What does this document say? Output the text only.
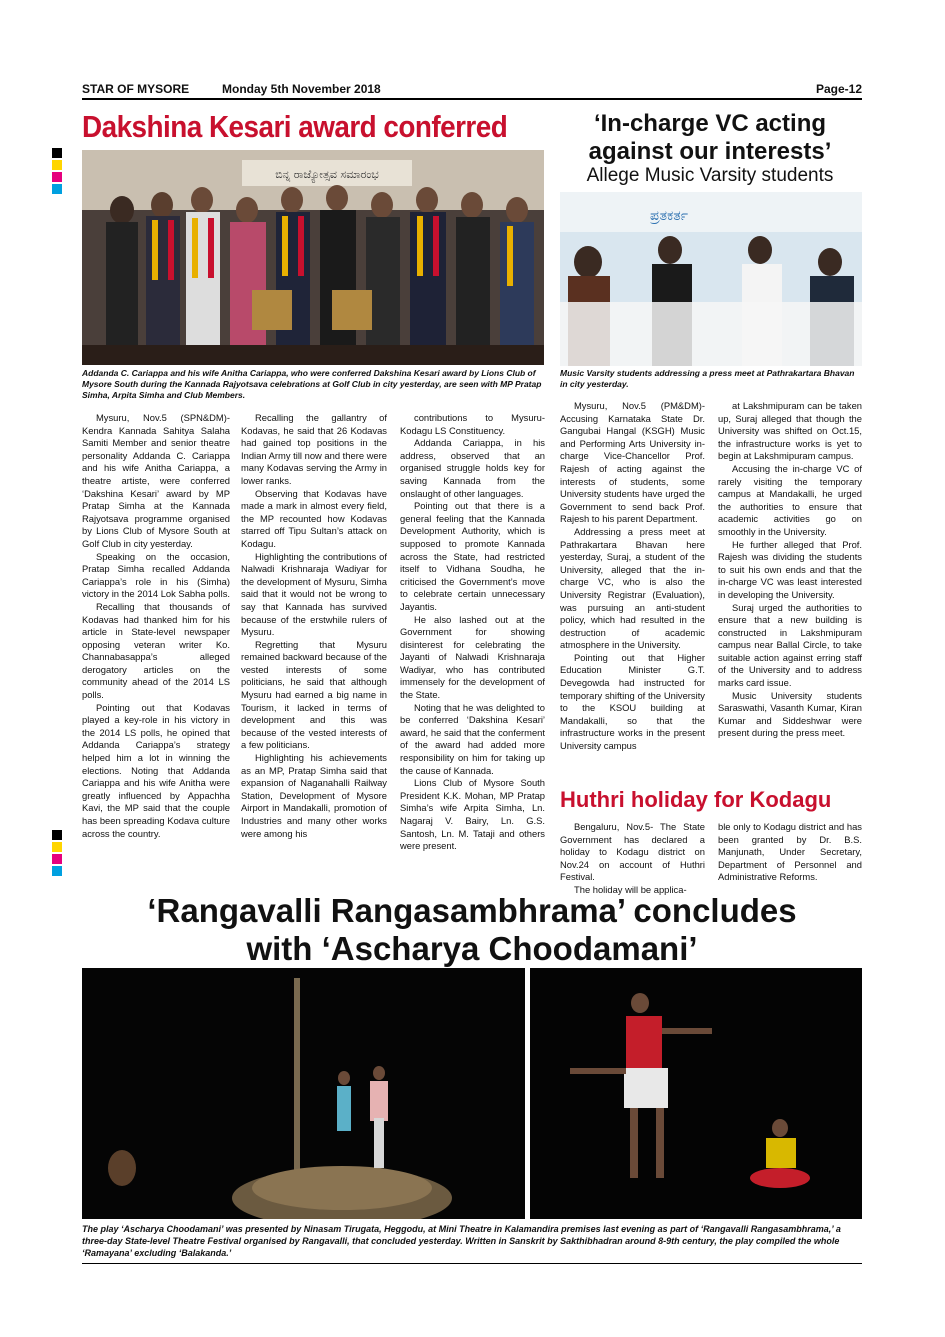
STAR OF MYSORE	Monday 5th November 2018	Page-12
Dakshina Kesari award conferred
ಬಿನ್ನ ರಾಜ್ಯೋತ್ಸವ ಸಮಾರಂಭ
Addanda C. Cariappa and his wife Anitha Cariappa, who were conferred Dakshina Kesari award by Lions Club of Mysore South during the Kannada Rajyotsava celebrations at Golf Club in city yesterday, are seen with MP Pratap Simha, Arpita Simha and Club Members.

Mysuru, Nov.5 (SPN&DM)- Kendra Kannada Sahitya Salaha Samiti Member and senior theatre personality Addanda C. Cariappa and his wife Anitha Cariappa, a theatre artiste, were conferred ‘Dakshina Kesari’ award by MP Pratap Simha at the Kannada Rajyotsava programme organised by Lions Club of Mysore South at Golf Club in city yesterday.

Speaking on the occasion, Pratap Simha recalled Addanda Cariappa’s role in his (Simha) victory in the 2014 Lok Sabha polls.

Recalling that thousands of Kodavas had thanked him for his article in State-level newspaper opposing veteran writer Ko. Channabasappa’s alleged derogatory articles on the community ahead of the 2014 LS polls.

Pointing out that Kodavas played a key-role in his victory in the 2014 LS polls, he opined that Addanda Cariappa’s strategy helped him a lot in winning the elections. Noting that Addanda Cariappa and his wife Anitha were greatly influenced by Appachha Kavi, the MP said that the couple has been spreading Kodava culture across the country.

Recalling the gallantry of Kodavas, he said that 26 Kodavas had gained top positions in the Indian Army till now and there were many Kodavas serving the Army in lower ranks.

Observing that Kodavas have made a mark in almost every field, the MP recounted how Kodavas starred off Tipu Sultan’s attack on Kodagu.

Highlighting the contributions of Nalwadi Krishnaraja Wadiyar for the development of Mysuru, Simha said that it would not be wrong to say that Kannada has survived because of the erstwhile rulers of Mysuru.

Regretting that Mysuru remained backward because of the vested interests of some politicians, he said that although Mysuru had earned a big name in Tourism, it lacked in terms of development and this was because of the vested interests of a few politicians.

Highlighting his achievements as an MP, Pratap Simha said that expansion of Naganahalli Railway Station, Development of Mysore Airport in Mandakalli, promotion of Industries and many other works were among his

contributions to Mysuru-Kodagu LS Constituency.

Addanda Cariappa, in his address, observed that an organised struggle holds key for saving Kannada from the onslaught of other languages.

Pointing out that there is a general feeling that the Kannada Development Authority, which is supposed to promote Kannada across the State, had restricted itself to Vidhana Soudha, he criticised the Government’s move to celebrate certain unnecessary Jayantis.

He also lashed out at the Government for showing disinterest for celebrating the Jayanti of Nalwadi Krishnaraja Wadiyar, who has contributed immensely for the development of the State.

Noting that he was delighted to be conferred ‘Dakshina Kesari’ award, he said that the conferment of the award had added more responsibility on him for taking up the cause of Kannada.

Lions Club of Mysore South President K.K. Mohan, MP Pratap Simha’s wife Arpita Simha, Ln. Nagaraj V. Bairy, Ln. G.S. Santosh, Ln. M. Tataji and others were present.

‘In-charge VC acting against our interests’
Allege Music Varsity students
ಪ್ರತಕರ್ತ
Music Varsity students addressing a press meet at Pathrakartara Bhavan in city yesterday.

Mysuru, Nov.5 (PM&DM)- Accusing Karnataka State Dr. Gangubai Hangal (KSGH) Music and Performing Arts University in-charge Vice-Chancellor Prof. Rajesh of acting against the interests of students, some University students have urged the Government to send back Prof. Rajesh to his parent Department.

Addressing a press meet at Pathrakartara Bhavan here yesterday, Suraj, a student of the University, alleged that the in-charge VC, who is also the University Registrar (Evaluation), was pursuing an anti-student policy, which had resulted in the destruction of academic atmosphere in the University.

Pointing out that Higher Education Minister G.T. Devegowda had instructed for temporary shifting of the University to the KSOU building at Mandakalli, so that the infrastructure works in the present University campus

at Lakshmipuram can be taken up, Suraj alleged that though the University was shifted on Oct.15, the infrastructure works is yet to begin at Lakshmipuram campus.

Accusing the in-charge VC of rarely visiting the temporary campus at Mandakalli, he urged the authorities to ensure that academic activities go on smoothly in the University.

He further alleged that Prof. Rajesh was dividing the students to suit his own ends and that the in-charge VC was least interested in developing the University.

Suraj urged the authorities to ensure that a new building is constructed in Lakshmipuram campus near Ballal Circle, to take suitable action against erring staff of the University and to address marks card issue.

Music University students Saraswathi, Vasanth Kumar, Kiran Kumar and Siddeshwar were present during the press meet.

Huthri holiday for Kodagu

Bengaluru, Nov.5- The State Government has declared a holiday to Kodagu district on Nov.24 on account of Huthri Festival.

The holiday will be applica-

ble only to Kodagu district and has been granted by Dr. B.S. Manjunath, Under Secretary, Department of Personnel and Administrative Reforms.

‘Rangavalli Rangasambhrama’ concludes
with ‘Ascharya Choodamani’
The play ‘Ascharya Choodamani’ was presented by Ninasam Tirugata, Heggodu, at Mini Theatre in Kalamandira premises last evening as part of ‘Rangavalli Rangasambhrama,’ a three-day State-level Theatre Festival organised by Rangavalli, that concluded yesterday. Written in Sanskrit by Sakthibhadran around 8-9th century, the play compiled the whole ‘Ramayana’ excluding ‘Balakanda.’
